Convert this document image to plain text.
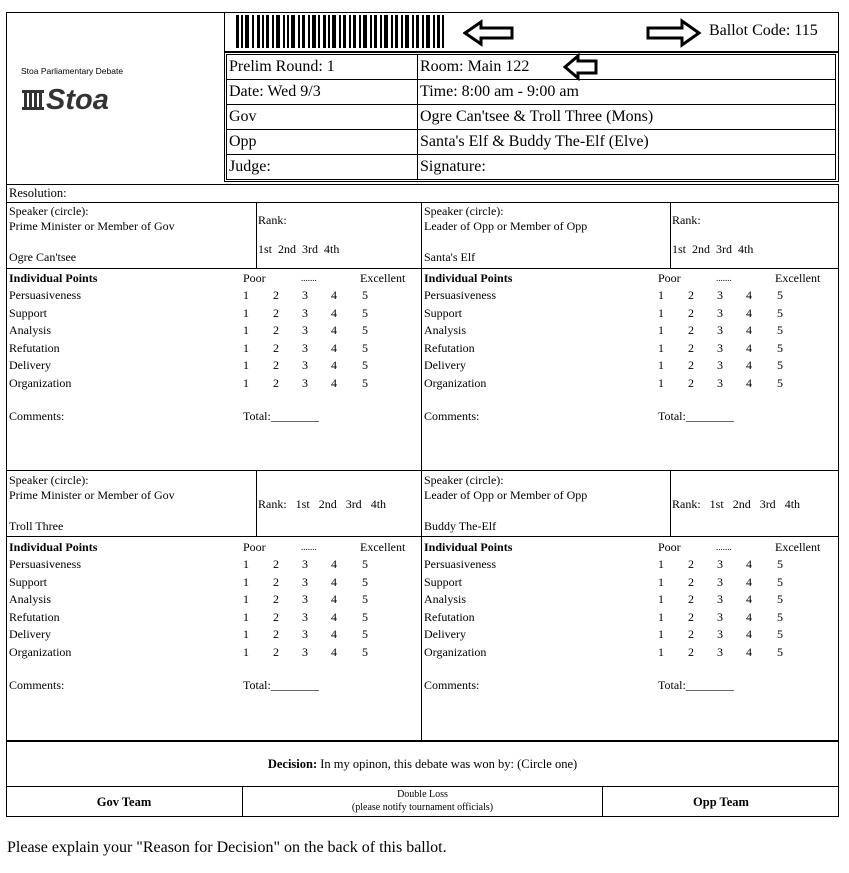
Stoa Parliamentary Debate
Stoa
Ballot Code: 115
Prelim Round: 1	Room: Main 122
Date: Wed 9/3	Time: 8:00 am - 9:00 am
Gov	Ogre Can'tsee & Troll Three (Mons)
Opp	Santa's Elf & Buddy The-Elf (Elve)
Judge:	Signature:
Resolution:
Speaker (circle):
Prime Minister or Member of Gov
Ogre Can'tsee
Rank:
1st 2nd 3rd 4th
Speaker (circle):
Leader of Opp or Member of Opp
Santa's Elf
Rank:
1st 2nd 3rd 4th
Speaker (circle):
Prime Minister or Member of Gov
Troll Three
Rank: 1st 2nd 3rd 4th
Speaker (circle):
Leader of Opp or Member of Opp
Buddy The-Elf
Rank: 1st 2nd 3rd 4th
Individual Points	Poor	.......	Excellent
Persuasiveness	1 2 3 4 5
Support	1 2 3 4 5
Analysis	1 2 3 4 5
Refutation	1 2 3 4 5
Delivery	1 2 3 4 5
Organization	1 2 3 4 5
Comments:	Total:________
Individual Points	Poor	.......	Excellent
Persuasiveness	1 2 3 4 5
Support	1 2 3 4 5
Analysis	1 2 3 4 5
Refutation	1 2 3 4 5
Delivery	1 2 3 4 5
Organization	1 2 3 4 5
Comments:	Total:________
Individual Points	Poor	.......	Excellent
Persuasiveness	1 2 3 4 5
Support	1 2 3 4 5
Analysis	1 2 3 4 5
Refutation	1 2 3 4 5
Delivery	1 2 3 4 5
Organization	1 2 3 4 5
Comments:	Total:________
Individual Points	Poor	.......	Excellent
Persuasiveness	1 2 3 4 5
Support	1 2 3 4 5
Analysis	1 2 3 4 5
Refutation	1 2 3 4 5
Delivery	1 2 3 4 5
Organization	1 2 3 4 5
Comments:	Total:________
Decision: In my opinon, this debate was won by: (Circle one)
Gov Team
Double Loss
(please notify tournament officials)	Opp Team
Please explain your "Reason for Decision" on the back of this ballot.
